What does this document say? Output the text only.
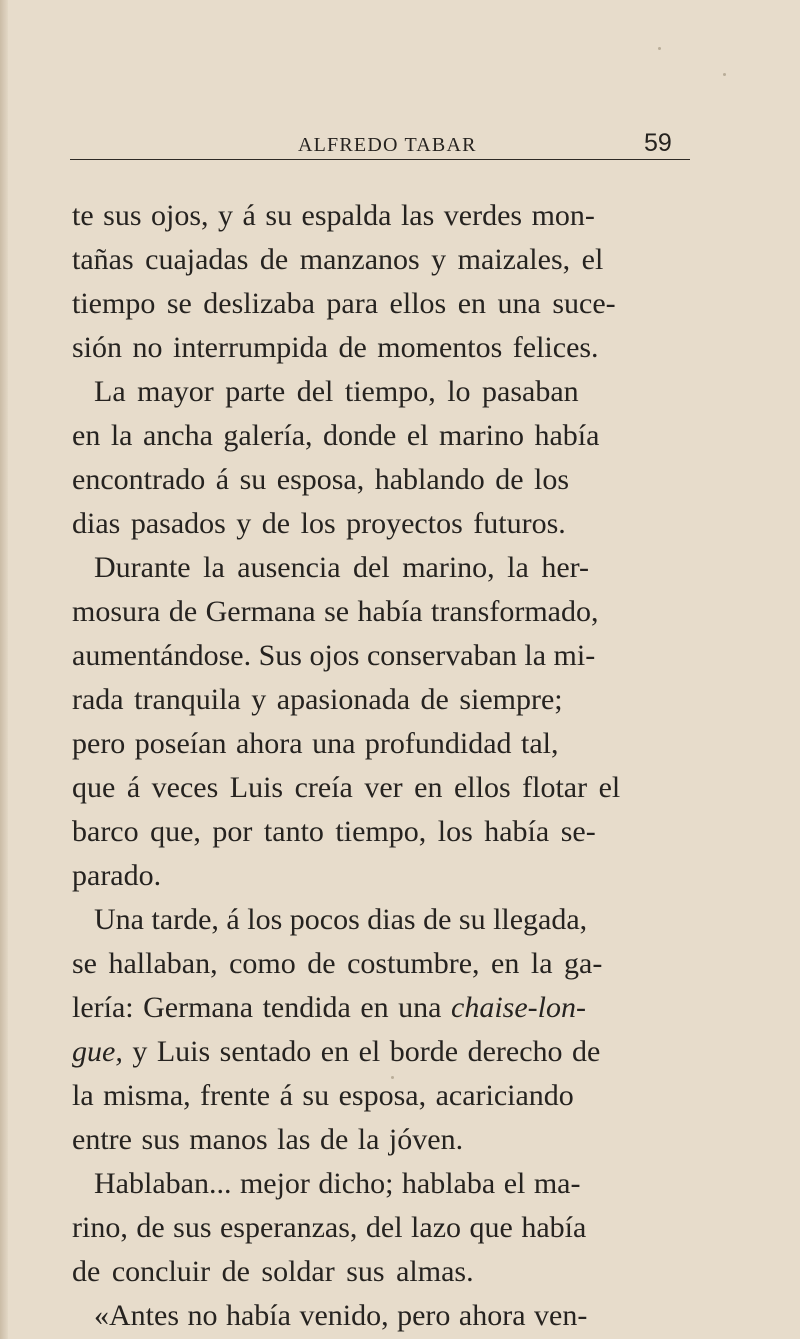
ALFREDO TABAR	59
te sus ojos, y á su espalda las verdes mon-
tañas cuajadas de manzanos y maizales, el
tiempo se deslizaba para ellos en una suce-
sión no interrumpida de momentos felices.
La mayor parte del tiempo, lo pasaban
en la ancha galería, donde el marino había
encontrado á su esposa, hablando de los
dias pasados y de los proyectos futuros.
Durante la ausencia del marino, la her-
mosura de Germana se había transformado,
aumentándose. Sus ojos conservaban la mi-
rada tranquila y apasionada de siempre;
pero poseían ahora una profundidad tal,
que á veces Luis creía ver en ellos flotar el
barco que, por tanto tiempo, los había se-
parado.
Una tarde, á los pocos dias de su llegada,
se hallaban, como de costumbre, en la ga-
lería: Germana tendida en una chaise-lon-
gue, y Luis sentado en el borde derecho de
la misma, frente á su esposa, acariciando
entre sus manos las de la jóven.
Hablaban... mejor dicho; hablaba el ma-
rino, de sus esperanzas, del lazo que había
de concluir de soldar sus almas.
«Antes no había venido, pero ahora ven-
